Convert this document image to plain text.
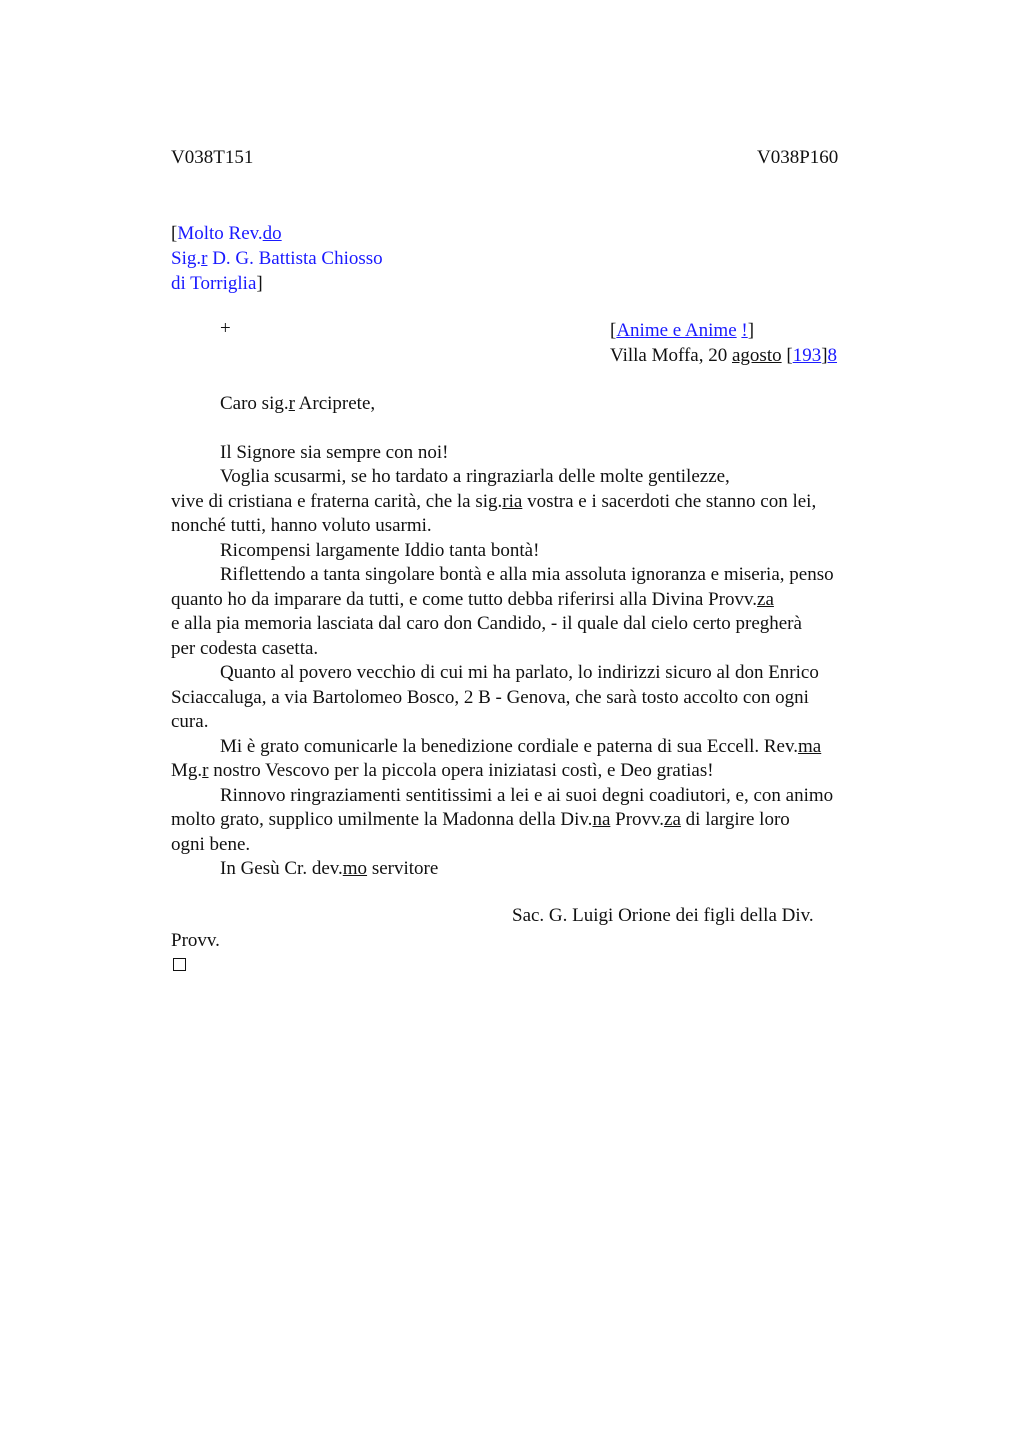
V038T151	V038P160
[Molto Rev.do
Sig.r D. G. Battista Chiosso
di Torriglia]
+	[Anime e Anime !]
Villa Moffa, 20 agosto [193]8
Caro sig.r Arciprete,
Il Signore sia sempre con noi!
Voglia scusarmi, se ho tardato a ringraziarla delle molte gentilezze,
vive di cristiana e fraterna carità, che la sig.ria vostra e i sacerdoti che stanno con lei,
nonché tutti, hanno voluto usarmi.
Ricompensi largamente Iddio tanta bontà!
Riflettendo a tanta singolare bontà e alla mia assoluta ignoranza e miseria, penso
quanto ho da imparare da tutti, e come tutto debba riferirsi alla Divina Provv.za
e alla pia memoria lasciata dal caro don Candido, - il quale dal cielo certo pregherà
per codesta casetta.
Quanto al povero vecchio di cui mi ha parlato, lo indirizzi sicuro al don Enrico
Sciaccaluga, a via Bartolomeo Bosco, 2 B - Genova, che sarà tosto accolto con ogni
cura.
Mi è grato comunicarle la benedizione cordiale e paterna di sua Eccell. Rev.ma
Mg.r nostro Vescovo per la piccola opera iniziatasi costì, e Deo gratias!
Rinnovo ringraziamenti sentitissimi a lei e ai suoi degni coadiutori, e, con animo
molto grato, supplico umilmente la Madonna della Div.na Provv.za di largire loro
ogni bene.
In Gesù Cr. dev.mo servitore
Sac. G. Luigi Orione dei figli della Div.
Provv.
